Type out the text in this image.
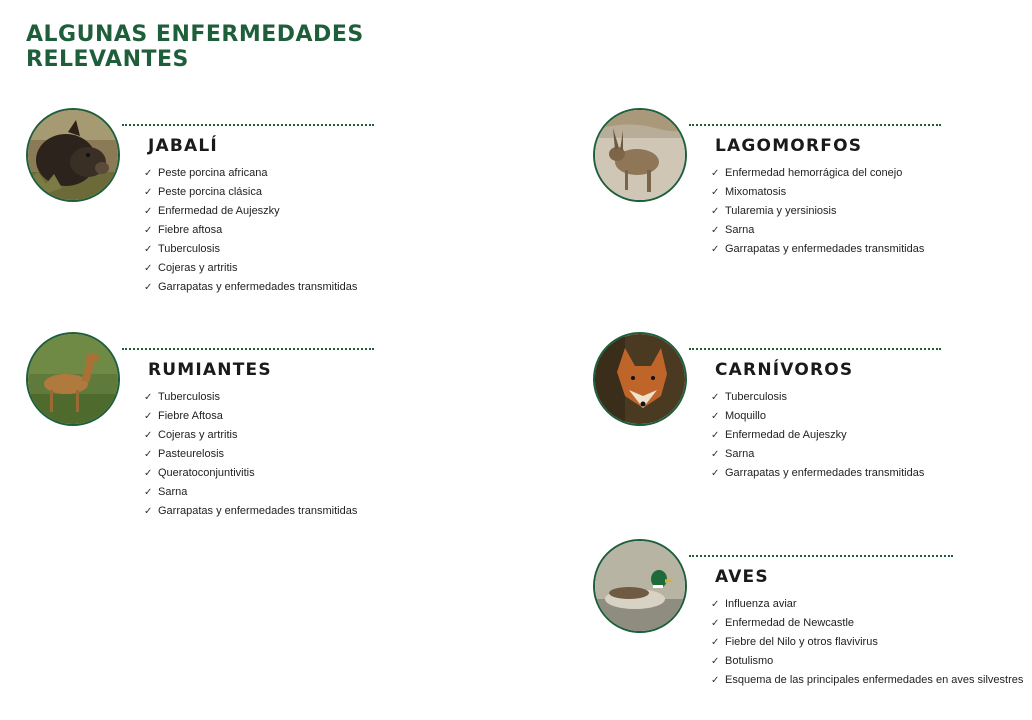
ALGUNAS ENFERMEDADES
RELEVANTES
JABALÍ
✓ Peste porcina africana
✓ Peste porcina clásica
✓ Enfermedad de Aujeszky
✓ Fiebre aftosa
✓ Tuberculosis
✓ Cojeras y artritis
✓ Garrapatas y enfermedades transmitidas
LAGOMORFOS
✓ Enfermedad hemorrágica del conejo
✓ Mixomatosis
✓ Tularemia y yersiniosis
✓ Sarna
✓ Garrapatas y enfermedades transmitidas
RUMIANTES
✓ Tuberculosis
✓ Fiebre Aftosa
✓ Cojeras y artritis
✓ Pasteurelosis
✓ Queratoconjuntivitis
✓ Sarna
✓ Garrapatas y enfermedades transmitidas
CARNÍVOROS
✓ Tuberculosis
✓ Moquillo
✓ Enfermedad de Aujeszky
✓ Sarna
✓ Garrapatas y enfermedades transmitidas
AVES
✓ Influenza aviar
✓ Enfermedad de Newcastle
✓ Fiebre del Nilo y otros flavivirus
✓ Botulismo
✓ Esquema de las principales enfermedades en aves silvestres
